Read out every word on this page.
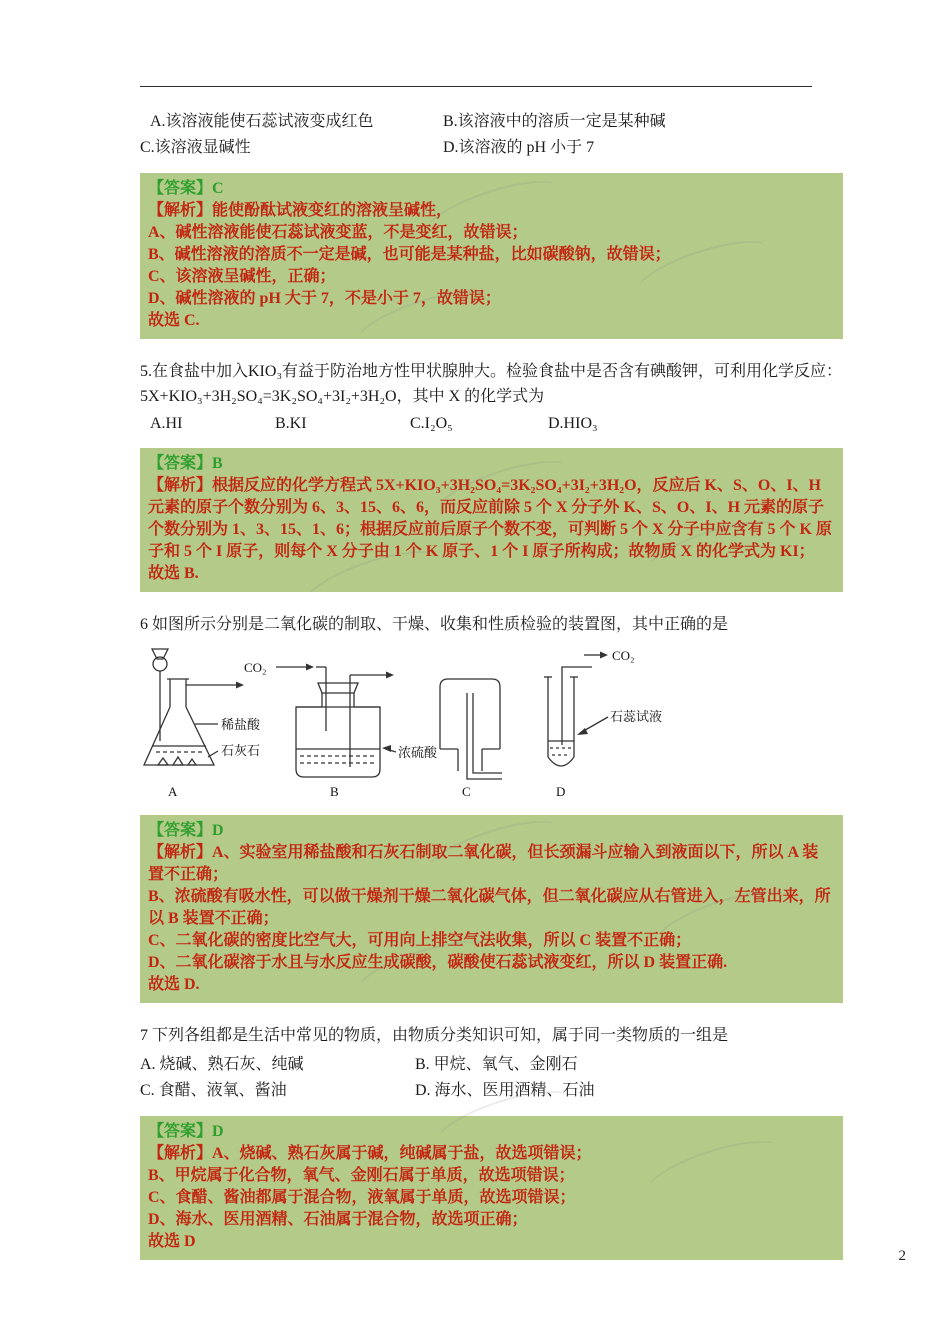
A.该溶液能使石蕊试液变成红色	B.该溶液中的溶质一定是某种碱
C.该溶液显碱性	D.该溶液的 pH 小于 7
【答案】C
【解析】能使酚酞试液变红的溶液呈碱性，
A、碱性溶液能使石蕊试液变蓝，不是变红，故错误；
B、碱性溶液的溶质不一定是碱，也可能是某种盐，比如碳酸钠，故错误；
C、该溶液呈碱性，正确；
D、碱性溶液的 pH 大于 7，不是小于 7，故错误；
故选 C.
5.在食盐中加入KIO₃有益于防治地方性甲状腺肿大。检验食盐中是否含有碘酸钾，可利用化学反应：5X+KIO₃+3H₂SO₄=3K₂SO₄+3I₂+3H₂O，其中 X 的化学式为
A.HI	B.KI	C.I₂O₅	D.HIO₃
【答案】B
【解析】根据反应的化学方程式 5X+KIO₃+3H₂SO₄=3K₂SO₄+3I₂+3H₂O，反应后 K、S、O、I、H 元素的原子个数分别为 6、3、15、6、6，而反应前除 5 个 X 分子外 K、S、O、I、H 元素的原子个数分别为 1、3、15、1、6；根据反应前后原子个数不变，可判断 5 个 X 分子中应含有 5 个 K 原子和 5 个 I 原子，则每个 X 分子由 1 个 K 原子、1 个 I 原子所构成；故物质 X 的化学式为 KI；
故选 B.
6 如图所示分别是二氧化碳的制取、干燥、收集和性质检验的装置图，其中正确的是
稀盐酸
石灰石
A
CO₂
浓硫酸
B	C
CO₂
石蕊试液
D
【答案】D
【解析】A、实验室用稀盐酸和石灰石制取二氧化碳，但长颈漏斗应输入到液面以下，所以 A 装置不正确；
B、浓硫酸有吸水性，可以做干燥剂干燥二氧化碳气体，但二氧化碳应从右管进入，左管出来，所以 B 装置不正确；
C、二氧化碳的密度比空气大，可用向上排空气法收集，所以 C 装置不正确；
D、二氧化碳溶于水且与水反应生成碳酸，碳酸使石蕊试液变红，所以 D 装置正确.
故选 D.
7 下列各组都是生活中常见的物质，由物质分类知识可知，属于同一类物质的一组是
A. 烧碱、熟石灰、纯碱	B. 甲烷、氧气、金刚石
C. 食醋、液氧、酱油	D. 海水、医用酒精、石油
【答案】D
【解析】A、烧碱、熟石灰属于碱，纯碱属于盐，故选项错误；
B、甲烷属于化合物，氧气、金刚石属于单质，故选项错误；
C、食醋、酱油都属于混合物，液氧属于单质，故选项错误；
D、海水、医用酒精、石油属于混合物，故选项正确；
故选 D
2
